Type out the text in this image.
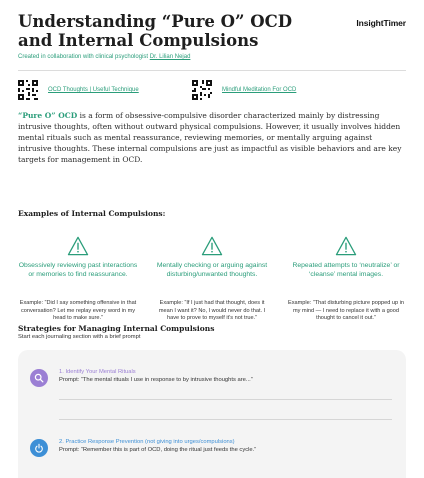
Understanding “Pure O” OCD and Internal Compulsions
InsightTimer
Created in collaboration with clinical psychologist Dr. Lilian Nejad
OCD Thoughts | Useful Technique	Mindful Meditation For OCD

“Pure O” OCD is a form of obsessive-compulsive disorder characterized mainly by distressing intrusive thoughts, often without outward physical compulsions. However, it usually involves hidden mental rituals such as mental reassurance, reviewing memories, or mentally arguing against intrusive thoughts. These internal compulsions are just as impactful as visible behaviors and are key targets for management in OCD.

Examples of Internal Compulsions:
Obsessively reviewing past interactions or memories to find reassurance.
Example: “Did I say something offensive in that conversation? Let me replay every word in my head to make sure.”
Mentally checking or arguing against disturbing/unwanted thoughts.
Example: “If I just had that thought, does it mean I want it? No, I would never do that. I have to prove to myself it’s not true.”
Repeated attempts to ‘neutralize’ or ‘cleanse’ mental images.
Example: “That disturbing picture popped up in my mind — I need to replace it with a good thought to cancel it out.”
Strategies for Managing Internal Compulsions
Start each journaling section with a brief prompt
1. Identify Your Mental Rituals
Prompt: “The mental rituals I use in response to by intrusive thoughts are...”
2. Practice Response Prevention (not giving into urges/compulsions)
Prompt: “Remember this is part of OCD, doing the ritual just feeds the cycle.”
